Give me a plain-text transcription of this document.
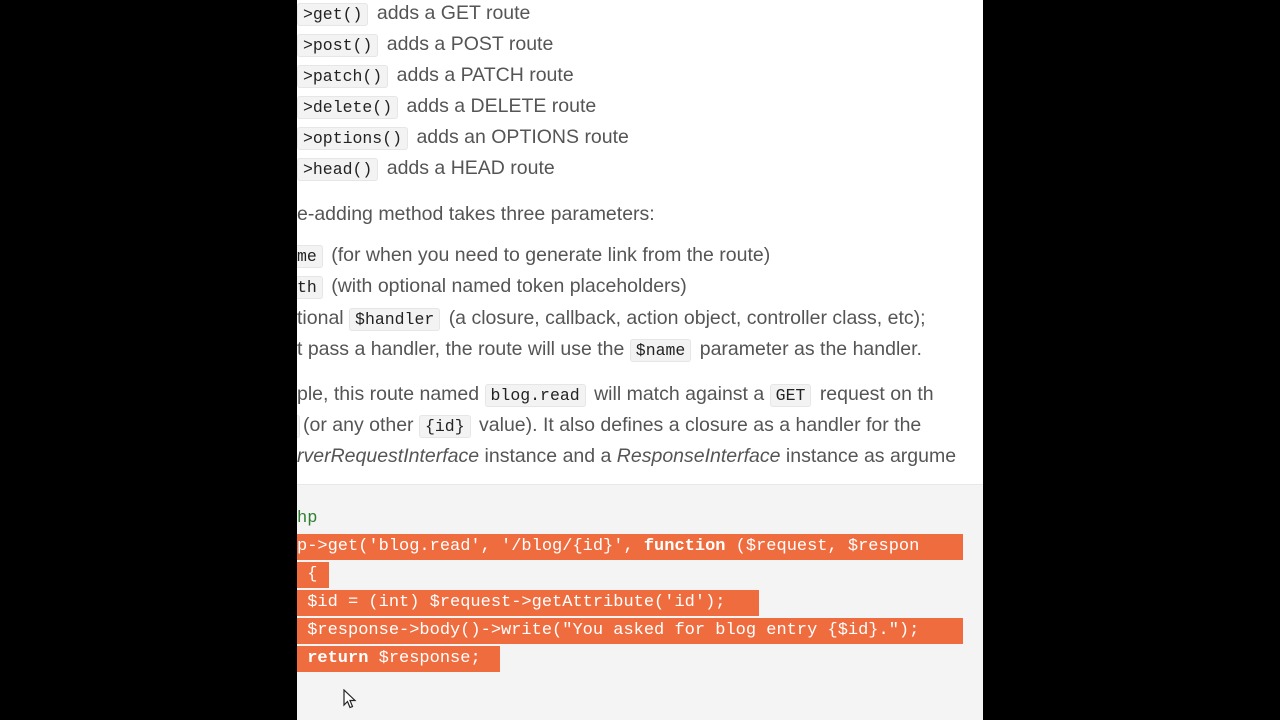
>get() adds a GET route
>post() adds a POST route
>patch() adds a PATCH route
>delete() adds a DELETE route
>options() adds an OPTIONS route
>head() adds a HEAD route
e-adding method takes three parameters:
me (for when you need to generate link from the route)
th (with optional named token placeholders)
tional $handler (a closure, callback, action object, controller class, etc);
t pass a handler, the route will use the $name parameter as the handler.
ple, this route named blog.read will match against a GET request on th
(or any other {id} value). It also defines a closure as a handler for the
rverRequestInterface instance and a ResponseInterface instance as argume
hp
p->get('blog.read', '/blog/{id}', function ($request, $respon
{
$id = (int) $request->getAttribute('id');
$response->body()->write("You asked for blog entry {$id}.");
return $response;
